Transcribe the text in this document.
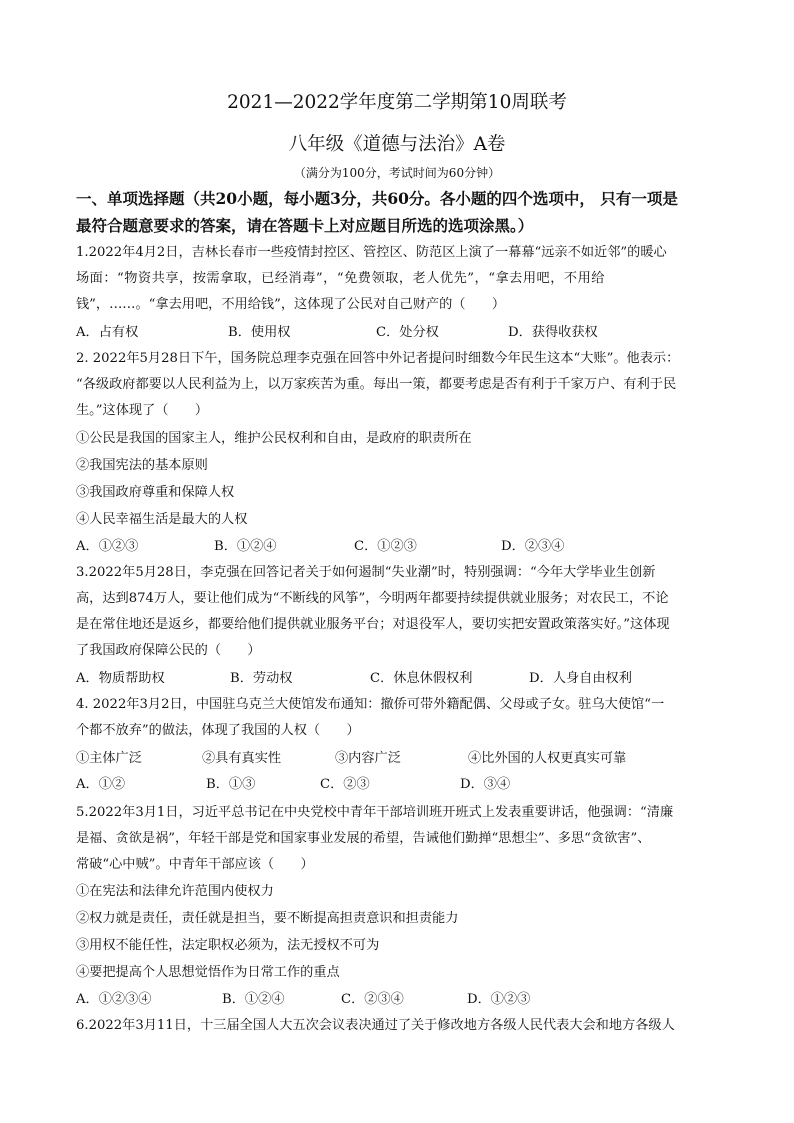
2021—2022学年度第二学期第10周联考
八年级《道德与法治》A卷
（满分为100分，考试时间为60分钟）
一、单项选择题（共20小题，每小题3分，共60分。各小题的四个选项中， 只有一项是
最符合题意要求的答案，请在答题卡上对应题目所选的选项涂黑。）
1.2022年4月2日，吉林长春市一些疫情封控区、管控区、防范区上演了一幕幕“远亲不如近邻”的暖心
场面：“物资共享，按需拿取，已经消毒”，“免费领取，老人优先”，“拿去用吧，不用给
钱”，……。“拿去用吧，不用给钱”，这体现了公民对自己财产的（　　）
A．占有权	B．使用权	C．处分权	D．获得收获权
2. 2022年5月28日下午，国务院总理李克强在回答中外记者提问时细数今年民生这本“大账”。他表示：
“各级政府都要以人民利益为上，以万家疾苦为重。每出一策，都要考虑是否有利于千家万户、有利于民
生。”这体现了（　　）
①公民是我国的国家主人，维护公民权利和自由，是政府的职责所在
②我国宪法的基本原则
③我国政府尊重和保障人权
④人民幸福生活是最大的人权
A．①②③	B．①②④	C．①②③	D．②③④
3.2022年5月28日，李克强在回答记者关于如何遏制“失业潮”时，特别强调：“今年大学毕业生创新
高，达到874万人，要让他们成为“不断线的风筝”，今明两年都要持续提供就业服务；对农民工，不论
是在常住地还是返乡，都要给他们提供就业服务平台；对退役军人，要切实把安置政策落实好。”这体现
了我国政府保障公民的（　　）
A．物质帮助权	B．劳动权	C．休息休假权利	D．人身自由权利
4. 2022年3月2日，中国驻乌克兰大使馆发布通知：撤侨可带外籍配偶、父母或子女。驻乌大使馆“一
个都不放弃”的做法，体现了我国的人权（　　）
①主体广泛	②具有真实性	③内容广泛	④比外国的人权更真实可靠
A．①②	B．①③	C．②③	D．③④
5.2022年3月1日，习近平总书记在中央党校中青年干部培训班开班式上发表重要讲话，他强调：“清廉
是福、贪欲是祸”，年轻干部是党和国家事业发展的希望，告诫他们勤掸“思想尘”、多思“贪欲害”、
常破“心中贼”。中青年干部应该（　　）
①在宪法和法律允许范围内使权力
②权力就是责任，责任就是担当，要不断提高担责意识和担责能力
③用权不能任性，法定职权必须为，法无授权不可为
④要把提高个人思想觉悟作为日常工作的重点
A．①②③④	B．①②④	C．②③④	D．①②③
6.2022年3月11日，十三届全国人大五次会议表决通过了关于修改地方各级人民代表大会和地方各级人
